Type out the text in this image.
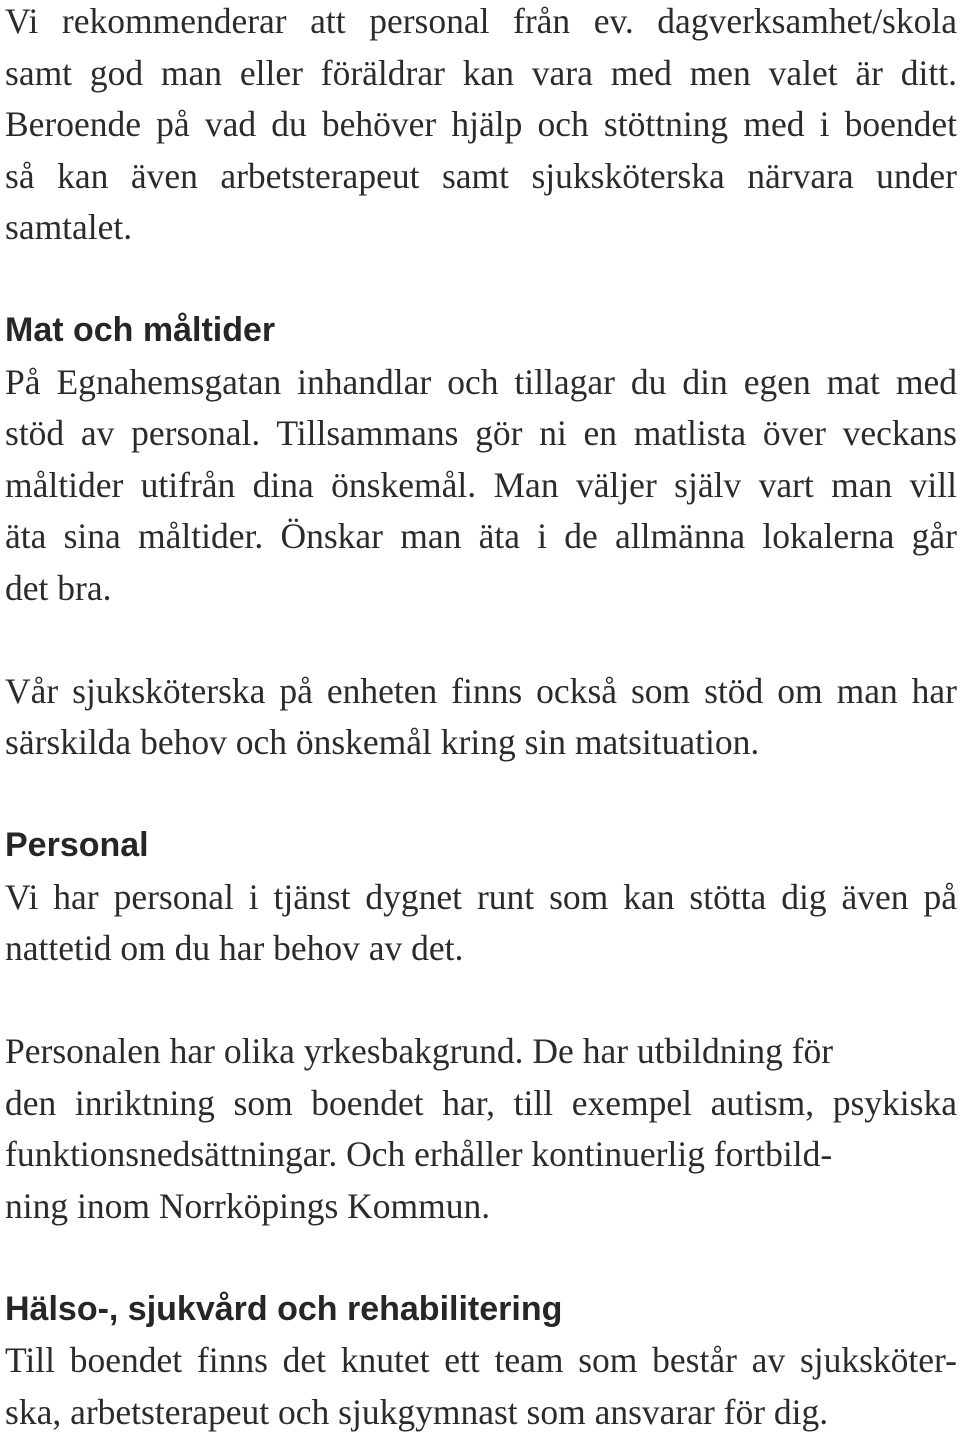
Vi rekommenderar att personal från ev. dagverksamhet/skola

samt god man eller föräldrar kan vara med men valet är ditt.

Beroende på vad du behöver hjälp och stöttning med i boendet

så kan även arbetsterapeut samt sjuksköterska närvara under

samtalet.

Mat och måltider

På Egnahemsgatan inhandlar och tillagar du din egen mat med

stöd av personal. Tillsammans gör ni en matlista över veckans

måltider utifrån dina önskemål. Man väljer själv vart man vill

äta sina måltider. Önskar man äta i de allmänna lokalerna går

det bra.

Vår sjuksköterska på enheten finns också som stöd om man har

särskilda behov och önskemål kring sin matsituation.

Personal

Vi har personal i tjänst dygnet runt som kan stötta dig även på

nattetid om du har behov av det.

Personalen har olika yrkesbakgrund. De har utbildning för

den inriktning som boendet har, till exempel autism, psykiska

funktionsnedsättningar. Och erhåller kontinuerlig fortbild-

ning inom Norrköpings Kommun.

Hälso-, sjukvård och rehabilitering

Till boendet finns det knutet ett team som består av sjuksköter-

ska, arbetsterapeut och sjukgymnast som ansvarar för dig.
